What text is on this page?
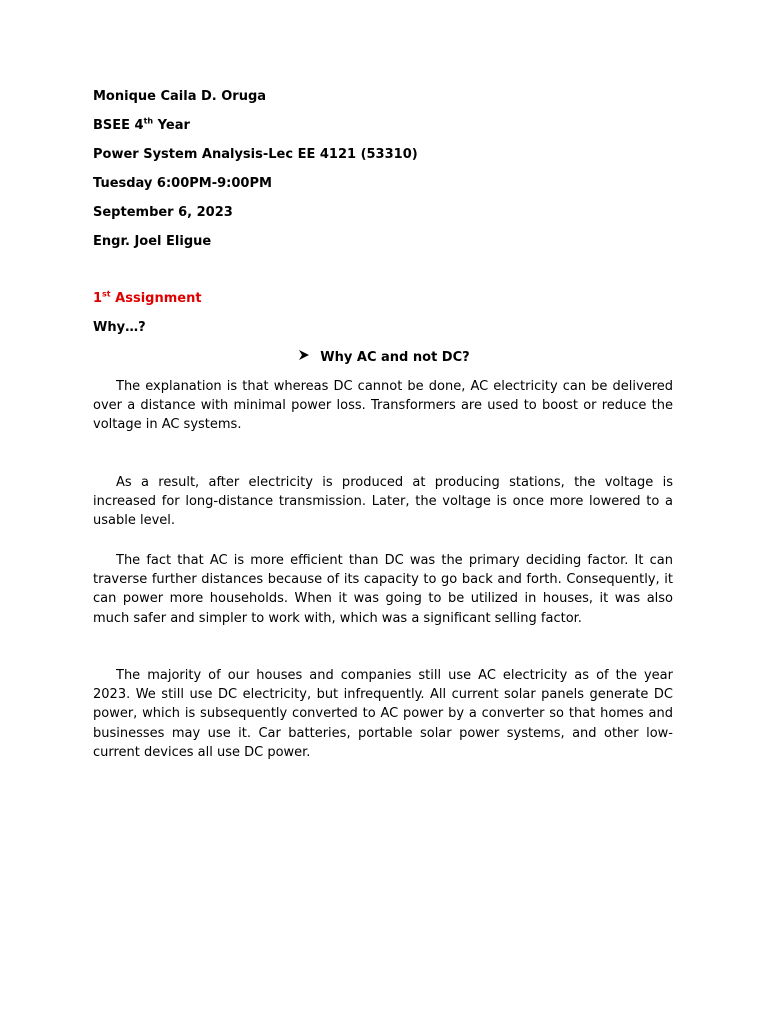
Monique Caila D. Oruga
BSEE 4th Year
Power System Analysis-Lec EE 4121 (53310)
Tuesday 6:00PM-9:00PM
September 6, 2023
Engr. Joel Eligue
1st Assignment
Why…?
Why AC and not DC?

The explanation is that whereas DC cannot be done, AC electricity can be delivered over a distance with minimal power loss. Transformers are used to boost or reduce the voltage in AC systems.

As a result, after electricity is produced at producing stations, the voltage is increased for long-distance transmission. Later, the voltage is once more lowered to a usable level.

The fact that AC is more efficient than DC was the primary deciding factor. It can traverse further distances because of its capacity to go back and forth. Consequently, it can power more households. When it was going to be utilized in houses, it was also much safer and simpler to work with, which was a significant selling factor.

The majority of our houses and companies still use AC electricity as of the year 2023. We still use DC electricity, but infrequently. All current solar panels generate DC power, which is subsequently converted to AC power by a converter so that homes and businesses may use it. Car batteries, portable solar power systems, and other low-current devices all use DC power.
